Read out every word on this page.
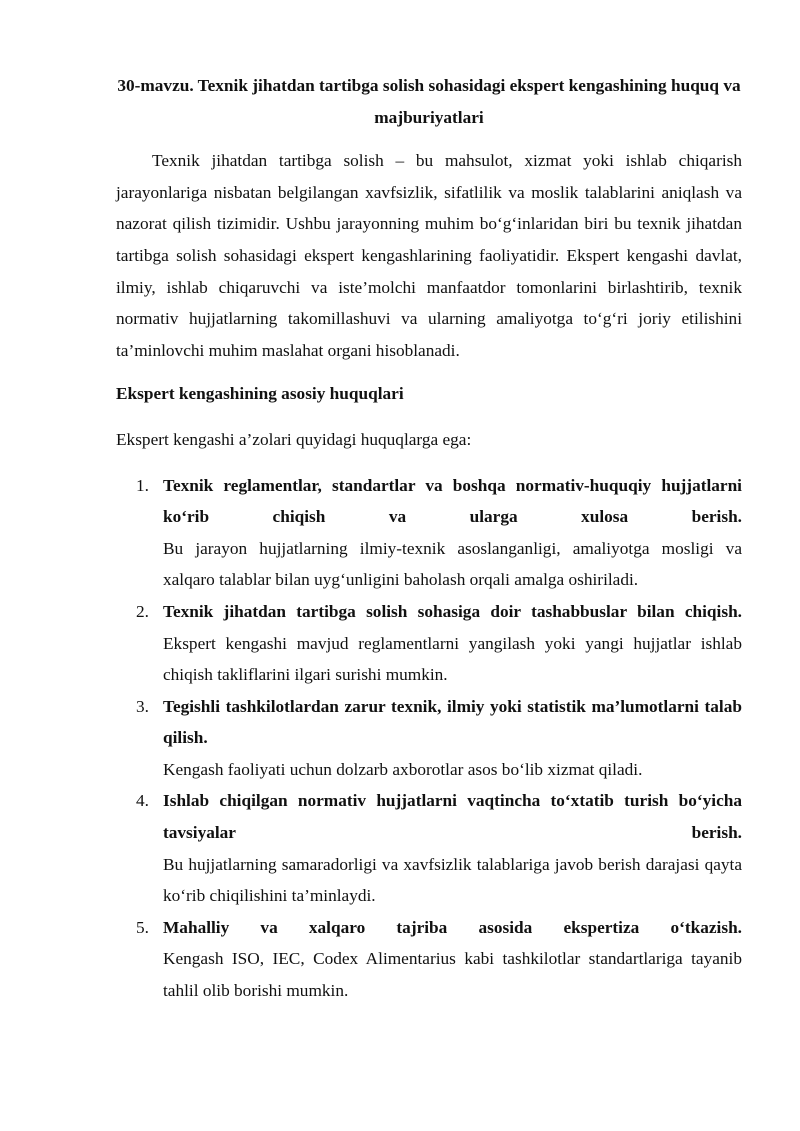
30-mavzu. Texnik jihatdan tartibga solish sohasidagi ekspert kengashining huquq va majburiyatlari

Texnik jihatdan tartibga solish – bu mahsulot, xizmat yoki ishlab chiqarish jarayonlariga nisbatan belgilangan xavfsizlik, sifatlilik va moslik talablarini aniqlash va nazorat qilish tizimidir. Ushbu jarayonning muhim bo‘g‘inlaridan biri bu texnik jihatdan tartibga solish sohasidagi ekspert kengashlarining faoliyatidir. Ekspert kengashi davlat, ilmiy, ishlab chiqaruvchi va iste’molchi manfaatdor tomonlarini birlashtirib, texnik normativ hujjatlarning takomillashuvi va ularning amaliyotga to‘g‘ri joriy etilishini ta’minlovchi muhim maslahat organi hisoblanadi.

Ekspert kengashining asosiy huquqlari

Ekspert kengashi a’zolari quyidagi huquqlarga ega:

1. Texnik reglamentlar, standartlar va boshqa normativ-huquqiy hujjatlarni ko‘rib chiqish va ularga xulosa berish.
Bu jarayon hujjatlarning ilmiy-texnik asoslanganligi, amaliyotga mosligi va xalqaro talablar bilan uyg‘unligini baholash orqali amalga oshiriladi.
2. Texnik jihatdan tartibga solish sohasiga doir tashabbuslar bilan chiqish.
Ekspert kengashi mavjud reglamentlarni yangilash yoki yangi hujjatlar ishlab chiqish takliflarini ilgari surishi mumkin.
3. Tegishli tashkilotlardan zarur texnik, ilmiy yoki statistik ma’lumotlarni talab qilish.
Kengash faoliyati uchun dolzarb axborotlar asos bo‘lib xizmat qiladi.
4. Ishlab chiqilgan normativ hujjatlarni vaqtincha to‘xtatib turish bo‘yicha tavsiyalar berish.
Bu hujjatlarning samaradorligi va xavfsizlik talablariga javob berish darajasi qayta ko‘rib chiqilishini ta’minlaydi.
5. Mahalliy va xalqaro tajriba asosida ekspertiza o‘tkazish.
Kengash ISO, IEC, Codex Alimentarius kabi tashkilotlar standartlariga tayanib tahlil olib borishi mumkin.
